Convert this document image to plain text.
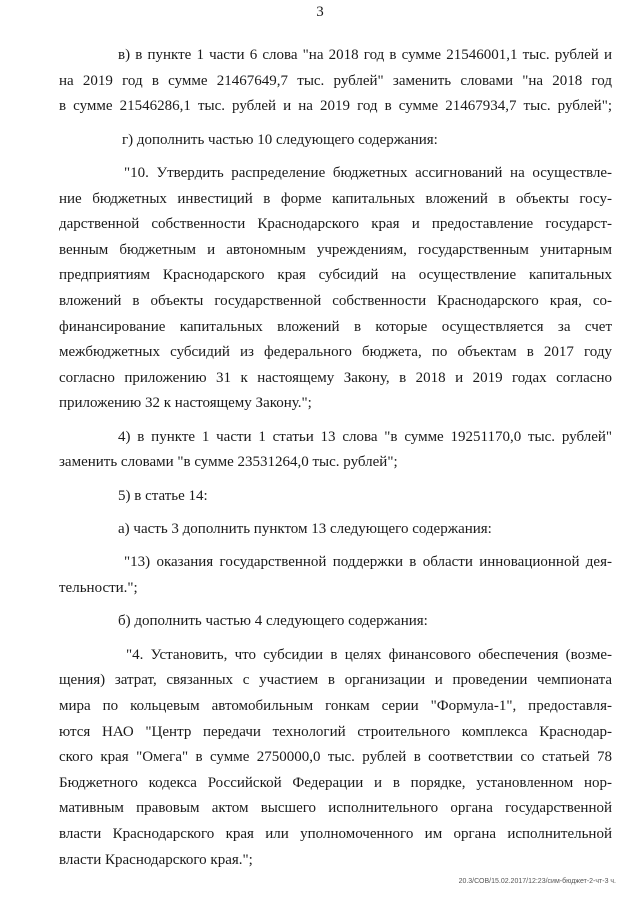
3

в) в пункте 1 части 6 слова "на 2018 год в сумме 21546001,1 тыс. рублей и
на 2019 год в сумме 21467649,7 тыс. рублей" заменить словами "на 2018 год
в сумме 21546286,1 тыс. рублей и на 2019 год в сумме 21467934,7 тыс. рублей";

г) дополнить частью 10 следующего содержания:

"10. Утвердить распределение бюджетных ассигнований на осуществле-
ние бюджетных инвестиций в форме капитальных вложений в объекты госу-
дарственной собственности Краснодарского края и предоставление государст-
венным бюджетным и автономным учреждениям, государственным унитарным
предприятиям Краснодарского края субсидий на осуществление капитальных
вложений в объекты государственной собственности Краснодарского края, со-
финансирование капитальных вложений в которые осуществляется за счет
межбюджетных субсидий из федерального бюджета, по объектам в 2017 году
согласно приложению 31 к настоящему Закону, в 2018 и 2019 годах согласно
приложению 32 к настоящему Закону.";

4) в пункте 1 части 1 статьи 13 слова "в сумме 19251170,0 тыс. рублей"
заменить словами "в сумме 23531264,0 тыс. рублей";

5) в статье 14:

а) часть 3 дополнить пунктом 13 следующего содержания:

"13) оказания государственной поддержки в области инновационной дея-
тельности.";

б) дополнить частью 4 следующего содержания:

"4. Установить, что субсидии в целях финансового обеспечения (возме-
щения) затрат, связанных с участием в организации и проведении чемпионата
мира по кольцевым автомобильным гонкам серии "Формула-1", предоставля-
ются НАО "Центр передачи технологий строительного комплекса Краснодар-
ского края "Омега" в сумме 2750000,0 тыс. рублей в соответствии со статьей 78
Бюджетного кодекса Российской Федерации и в порядке, установленном нор-
мативным правовым актом высшего исполнительного органа государственной
власти Краснодарского края или уполномоченного им органа исполнительной
власти Краснодарского края.";

20.3/СОВ/15.02.2017/12:23/сим-бюджет-2-чт-3 ч.
